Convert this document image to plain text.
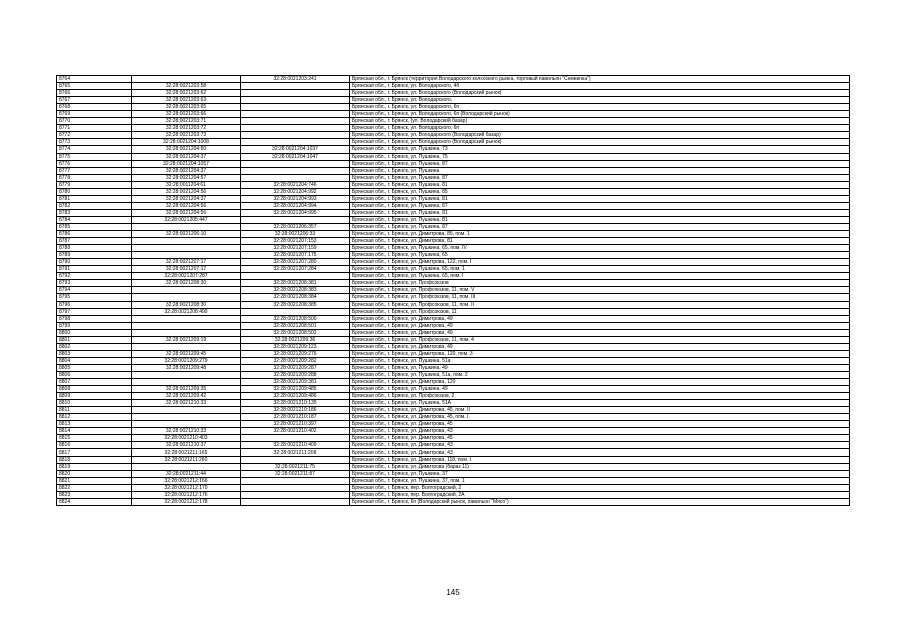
8764		32:28:0021203:241	Брянская обл., г. Брянск (территория Володарского колхозного рынка, торговый павильон "Снежинка")
8765	32:28:0021203:58		Брянская обл., г. Брянск, ул. Володарского, 4б
8766	32:28:0021203:62		Брянская обл., г. Брянск, ул. Володарского (Володарский рынок)
8767	32:28:0021203:63		Брянская обл., г. Брянск, ул. Володарского,
8768	32:28:0021203:65		Брянская обл., г. Брянск, ул. Володарского, 6п
8769	32:28:0021203:66		Брянская обл., г. Брянск, ул. Володарского, 6п (Володарский рынок)
8770	32:28:0021203:71		Брянская обл., г. Брянск, (ул. Володарский базар)
8771	32:28:0021203:72		Брянская обл., г. Брянск, ул. Володарского, 6п
8772	32:28:0021203:73		Брянская обл., г. Брянск, ул. Володарского (Володарский базар)
8773	32:28:0021204:1008		Брянская обл., г. Брянск, ул. Володарского (Володарский рынок)
8774	32:28:0021204:50	32:28:0021204:1037	Брянская обл., г. Брянск, ул. Пушкина, 73
8775	32:28:0021204:37	32:28:0021204:1047	Брянская обл., г. Брянск, ул. Пушкина, 75
8776	32:28:0021204:1057		Брянская обл., г. Брянск, ул. Пушкина, 87
8777	32:28:0021204:37		Брянская обл., г. Брянск, ул. Пушкина
8778	32:28:0021204:57		Брянская обл., г. Брянск, ул. Пушкина, 87
8779	32:28:0011204:61	32:28:0021204:746	Брянская обл., г. Брянск, ул. Пушкина, 81
8780	32:28:0021204:56	32:28:0021204:992	Брянская обл., г. Брянск, ул. Пушкина, 85
8781	32:28:0021204:37	32:28:0021204:993	Брянская обл., г. Брянск, ул. Пушкина, 81
8782	32:28:0021204:56	32:28:0021204:994	Брянская обл., г. Брянск, ул. Пушкина, 87
8783	32:28:0021204:56	32:28:0021204:995	Брянская обл., г. Брянск, ул. Пушкина, 81
8784	32:28:0021205:447		Брянская обл., г. Брянск, ул. Пушкина, 81
8785		32:28:0021206:357	Брянская обл., г. Брянск, ул. Пушкина, 87
8786	32:28:0021206:10	32:28:0021206:33	Брянская обл., г. Брянск, ул. Димитрова, 85, пом. 1
8787		32:28:0021207:153	Брянская обл., г. Брянск, ул. Димитрова, 81
8788		32:28:0021207:159	Брянская обл., г. Брянск, ул. Пушкина, 65, пом. IV
8789		32:28:0021207:175	Брянская обл., г. Брянск, ул. Пушкина, 65
8790	32:28:0021207:17	32:28:0021207:280	Брянская обл., г. Брянск, ул. Димитрова, 122, пом. I
8791	32:28:0021207:17	32:28:0021207:284	Брянская обл., г. Брянск, ул. Пушкина, 65, пом. 1
8792	32:28:0021207:287		Брянская обл., г. Брянск, ул. Пушкина, 65, пом. I
8793	32:28:0021208:30	32:28:0021208:381	Брянская обл., г. Брянск, ул. Профсоюзов
8794		32:28:0021208:383	Брянская обл., г. Брянск, ул. Профсоюзов, 11, пом. V
8795		32:28:0021208:384	Брянская обл., г. Брянск, ул. Профсоюзов, 11, пом. III
8796	32:28:0021208:30	32:28:0021208:385	Брянская обл., г. Брянск, ул. Профсоюзов, 11, пом. II
8797	32:28:0021208:499		Брянская обл., г. Брянск, ул. Профсоюзов, 11
8798		32:28:0021208:500	Брянская обл., г. Брянск, ул. Димитрова, 49
8799		32:28:0021208:501	Брянская обл., г. Брянск, ул. Димитрова, 49
8800		32:28:0021208:502	Брянская обл., г. Брянск, ул. Димитрова, 49
8801	32:28:0021209:19	32:28:0021209:36	Брянская обл., г. Брянск, ул. Профсоюзов, 11, пом. 4
8802		32:28:0021209:123	Брянская обл., г. Брянск, ул. Димитрова, 49
8803	32:28:0021209:45	32:28:0021209:276	Брянская обл., г. Брянск, ул. Димитрова, 120, пом. 3
8804	32:28:0021209:279	32:28:0021209:282	Брянская обл., г. Брянск, ул. Пушкина, 51а
8805	32:28:0021209:48	32:28:0021209:287	Брянская обл., г. Брянск, ул. Пушкина, 49
8806		32:28:0021209:288	Брянская обл., г. Брянск, ул. Пушкина, 51а, пом. 2
8807		32:28:0021209:381	Брянская обл., г. Брянск, ул. Димитрова, 120
8808	32:28:0021209:35	32:28:0021209:485	Брянская обл., г. Брянск, ул. Пушкина, 49
8809	32:28:0021209:42	32:28:0021209:486	Брянская обл., г. Брянск, ул. Профсоюзов, 2
8810	32:28:0021210:33	32:28:0021210:135	Брянская обл., г. Брянск, ул. Пушкина, 51А
8811		32:28:0021210:186	Брянская обл., г. Брянск, ул. Димитрова, 45, пом. II
8812		32:28:0021210:187	Брянская обл., г. Брянск, ул. Димитрова, 45, пом. I
8813		32:28:0021210:397	Брянская обл., г. Брянск, ул. Димитрова, 45
8814	32:28:0021210:33	32:28:0021210:402	Брянская обл., г. Брянск, ул. Димитрова, 43
8815	32:28:0021210:403		Брянская обл., г. Брянск, ул. Димитрова, 45
8816	32:28:0021210:37	32:28:0021210:409	Брянская обл., г. Брянск, ул. Димитрова, 43
8817	32:28:0021211:165	32:28:0021211:208	Брянская обл., г. Брянск, ул. Димитрова, 43
8818	32:28:0021211:260		Брянская обл., г. Брянск, ул. Димитрова, 118, пом. I
8819		32:28:0021211:75	Брянская обл., г. Брянск, ул. Димитрова (бараз 11)
8820	32:28:0021211:44	32:28:0021211:87	Брянская обл., г. Брянск, ул. Пушкина, 37
8821	32:28:0021212:166		Брянская обл., г. Брянск, ул. Пушкина, 37, пом. 1
8822	32:28:0021212:170		Брянская обл., г. Брянск, пер. Волгоградский, 2
8823	32:28:0021212:176		Брянская обл., г. Брянск, пер. Волгоградский, 2А
8824	32:28:0021212:178		Брянская обл., г. Брянск, 6п (Володарский рынок, павильон "Мясо")
145
